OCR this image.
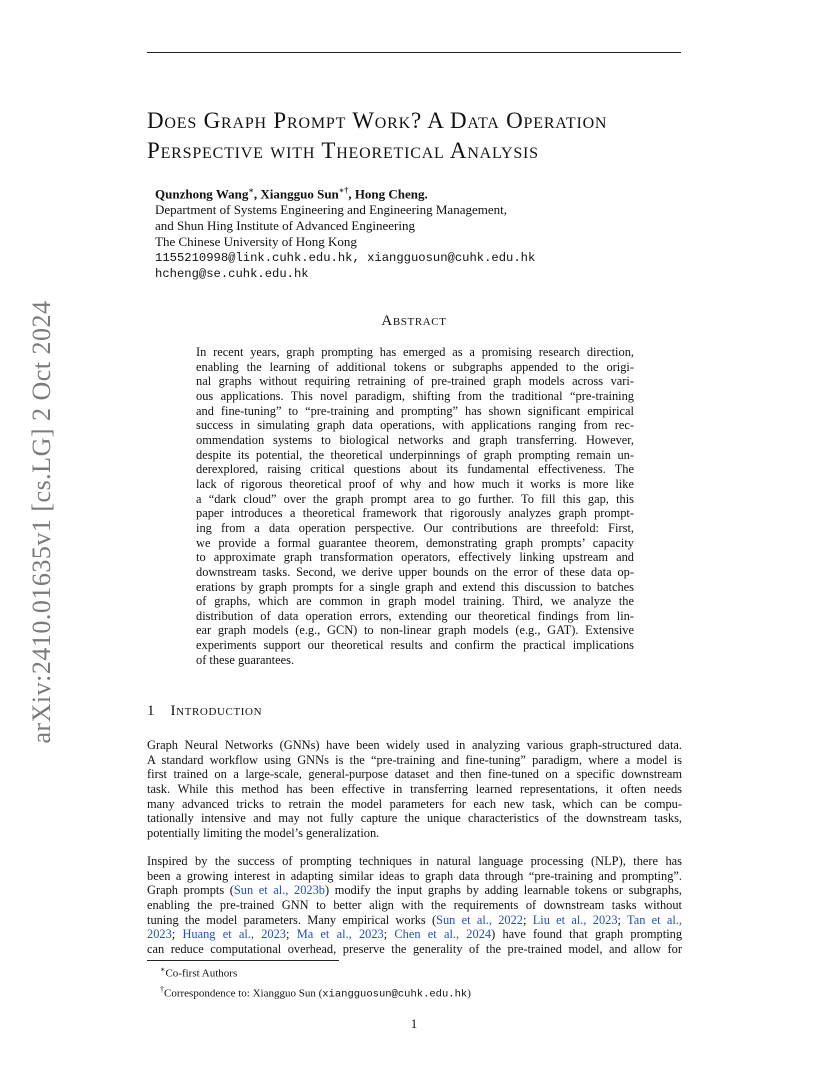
arXiv:2410.01635v1 [cs.LG] 2 Oct 2024
Does Graph Prompt Work? A Data Operation
Perspective with Theoretical Analysis
Qunzhong Wang∗, Xiangguo Sun∗†, Hong Cheng.
Department of Systems Engineering and Engineering Management,
and Shun Hing Institute of Advanced Engineering
The Chinese University of Hong Kong
1155210998@link.cuhk.edu.hk, xiangguosun@cuhk.edu.hk
hcheng@se.cuhk.edu.hk
Abstract
In recent years, graph prompting has emerged as a promising research direction,
enabling the learning of additional tokens or subgraphs appended to the origi-
nal graphs without requiring retraining of pre-trained graph models across vari-
ous applications. This novel paradigm, shifting from the traditional “pre-training
and fine-tuning” to “pre-training and prompting” has shown significant empirical
success in simulating graph data operations, with applications ranging from rec-
ommendation systems to biological networks and graph transferring. However,
despite its potential, the theoretical underpinnings of graph prompting remain un-
derexplored, raising critical questions about its fundamental effectiveness. The
lack of rigorous theoretical proof of why and how much it works is more like
a “dark cloud” over the graph prompt area to go further. To fill this gap, this
paper introduces a theoretical framework that rigorously analyzes graph prompt-
ing from a data operation perspective. Our contributions are threefold: First,
we provide a formal guarantee theorem, demonstrating graph prompts’ capacity
to approximate graph transformation operators, effectively linking upstream and
downstream tasks. Second, we derive upper bounds on the error of these data op-
erations by graph prompts for a single graph and extend this discussion to batches
of graphs, which are common in graph model training. Third, we analyze the
distribution of data operation errors, extending our theoretical findings from lin-
ear graph models (e.g., GCN) to non-linear graph models (e.g., GAT). Extensive
experiments support our theoretical results and confirm the practical implications
of these guarantees.
1 Introduction
Graph Neural Networks (GNNs) have been widely used in analyzing various graph-structured data.
A standard workflow using GNNs is the “pre-training and fine-tuning” paradigm, where a model is
first trained on a large-scale, general-purpose dataset and then fine-tuned on a specific downstream
task. While this method has been effective in transferring learned representations, it often needs
many advanced tricks to retrain the model parameters for each new task, which can be compu-
tationally intensive and may not fully capture the unique characteristics of the downstream tasks,
potentially limiting the model’s generalization.
Inspired by the success of prompting techniques in natural language processing (NLP), there has
been a growing interest in adapting similar ideas to graph data through “pre-training and prompting”.
Graph prompts (Sun et al., 2023b) modify the input graphs by adding learnable tokens or subgraphs,
enabling the pre-trained GNN to better align with the requirements of downstream tasks without
tuning the model parameters. Many empirical works (Sun et al., 2022; Liu et al., 2023; Tan et al.,
2023; Huang et al., 2023; Ma et al., 2023; Chen et al., 2024) have found that graph prompting
can reduce computational overhead, preserve the generality of the pre-trained model, and allow for
∗Co-first Authors
†Correspondence to: Xiangguo Sun (xiangguosun@cuhk.edu.hk)
1
